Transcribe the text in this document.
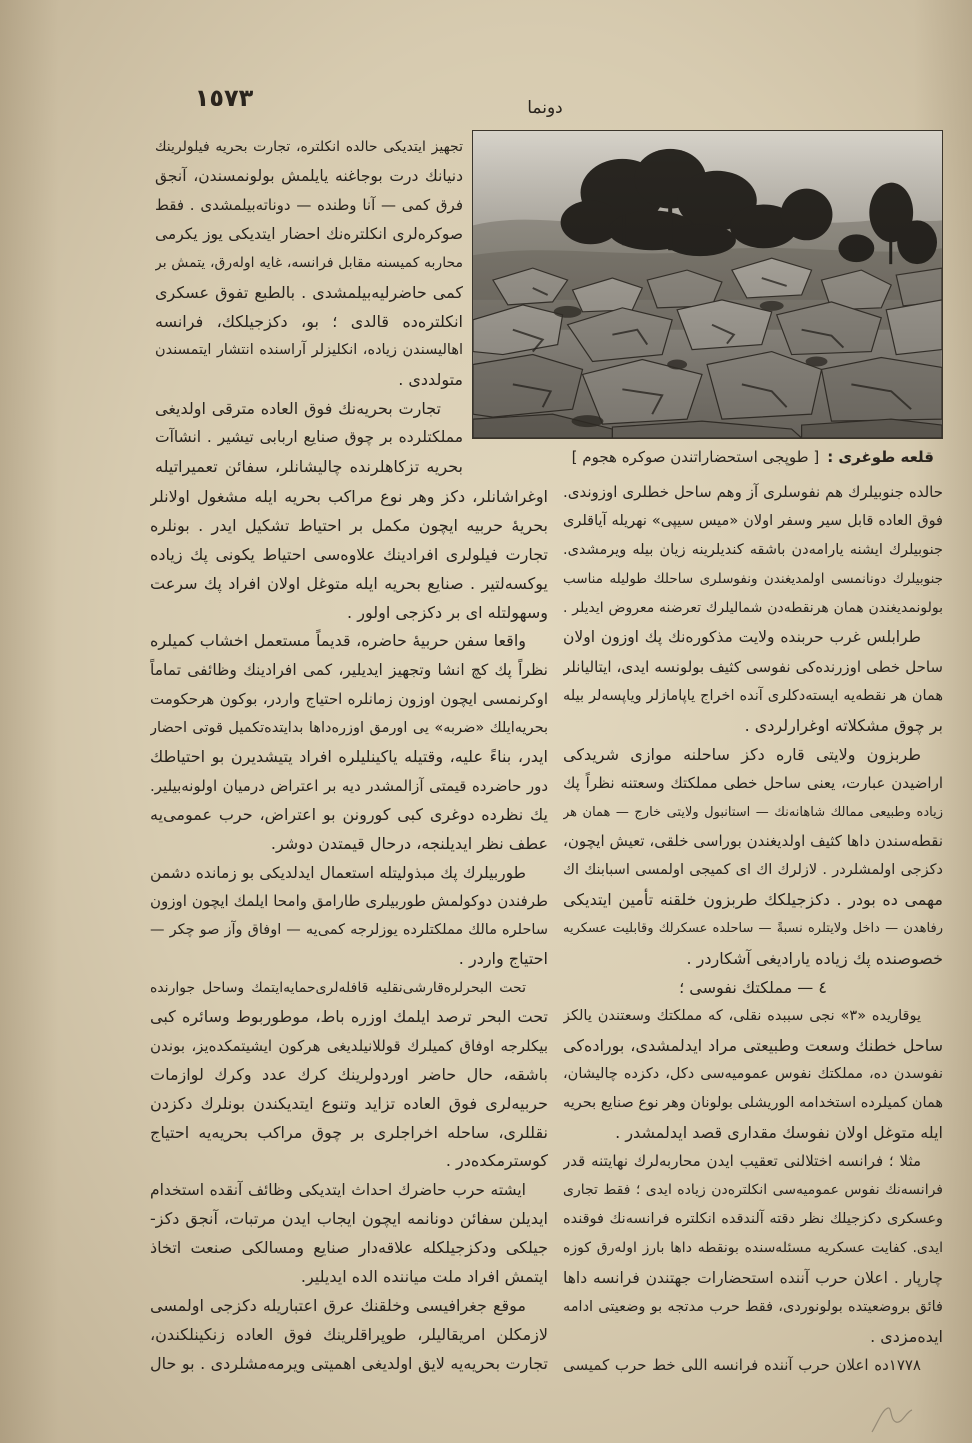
١٥٧٣	دونما
قلعه طوغری :[ طوپجی استحضاراتندن صوکره هجوم ]
تجهیز ایتدیکی حالده انکلتره، تجارت بحریه فیلولرینك
دنیانك درت بوجاغنه یایلمش بولونمسندن، آنجق
فرق کمی — آنا وطنده — دوناته‌بیلمشدی . فقط
صوکره‌لری انکلتره‌نك احضار ایتدیکی یوز یکرمی
محاربه کمیسنه مقابل فرانسه، غایه اوله‌رق، یتمش بر
کمی حاضرلیه‌بیلمشدی . بالطبع تفوق عسکری
انکلتره‌ده قالدی ؛ بو، دکزجیلکك، فرانسه
اهالیسندن زیاده، انکلیزلر آراسنده انتشار ایتمسندن
متولددی .
تجارت بحریه‌نك فوق العاده مترقی اولدیغی
مملکتلرده بر چوق صنایع اربابی تیشیر . انشاآت
بحریه تزکاهلرنده چالیشانلر، سفائن تعمیراتیله
اوغراشانلر، دکز وهر نوع مراکب بحریه ایله مشغول اولانلر
بحریهٔ حربیه ایچون مکمل بر احتیاط تشکیل ایدر . بونلره
تجارت فیلولری افرادینك علاوه‌سی احتیاط یکونی پك زیاده
یوکسه‌لتیر . صنایع بحریه ایله متوغل اولان افراد پك سرعت
وسهولتله ای بر دکزجی اولور .
واقعا سفن حربیهٔ حاضره، قدیماً مستعمل اخشاب کمیلره
نظراً پك کچ انشا وتجهیز ایدیلیر، کمی افرادینك وظائفی تماماً
اوکرنمسی ایچون اوزون زمانلره احتیاج واردر، بوکون هرحکومت
بحریه‌ایلك «ضربه» یی اورمق اوزره‌داها بدایتده‌تکمیل قوتی احضار
ایدر، بناءً علیه، وقتیله یاکینلیلره افراد یتیشدیرن بو احتیاطك
دور حاضرده قیمتی آزالمشدر دیه بر اعتراض درمیان اولونه‌بیلیر.
یك نظرده دوغری کبی کورونن بو اعتراض، حرب عمومی‌یه
عطف نظر ایدیلنجه، درحال قیمتدن دوشر.
طوربیلرك پك مبذولیتله استعمال ایدلدیکی بو زمانده دشمن
طرفندن دوکولمش طوربیلری طارامق وامحا ایلمك ایچون اوزون
ساحلره مالك مملکتلرده یوزلرجه کمی‌یه — اوفاق وآز صو چکر —
احتیاج واردر .
تحت البحرلره‌قارشی‌نقلیه قافله‌لری‌حمایه‌ایتمك وساحل جوارنده
تحت البحر ترصد ایلمك اوزره باط، موطوربوط وسائره کبی
بیکلرجه اوفاق کمیلرك قوللانیلدیغی هرکون ایشیتمکده‌یز، بوندن
باشقه، حال حاضر اوردولرینك کرك عدد وکرك لوازمات
حربیه‌لری فوق العاده تزاید وتنوع ایتدیکندن بونلرك دکزدن
نقللری، ساحله اخراجلری بر چوق مراکب بحریه‌یه احتیاج
کوسترمکده‌در .
ایشته حرب حاضرك احداث ایتدیکی وظائف آنقده استخدام
ایدیلن سفائن دونانمه ایچون ایجاب ایدن مرتبات، آنجق دکز-
جیلکی ودکزجیلکله علاقه‌دار صنایع ومسالکی صنعت اتخاذ
ایتمش افراد ملت میاننده الده ایدیلیر.
موقع جغرافیسی وخلقنك عرق اعتباریله دکزجی اولمسی
لازمکلن امریقالیلر، طوپراقلرینك فوق العاده زنکینلکندن،
تجارت بحریه‌یه لایق اولدیغی اهمیتی ویرمه‌مشلردی . بو حال
حالده جنوبیلرك هم نفوسلری آز وهم ساحل خطلری اوزوندی.
فوق العاده قابل سیر وسفر اولان «میس سیپی» نهریله آیاقلری
جنوبیلرك ایشنه یارامه‌دن باشقه کندیلرینه زیان بیله ویرمشدی.
جنوبیلرك دونانمسی اولمدیغندن ونفوسلری ساحلك طولیله مناسب
بولونمدیغندن همان هرنقطه‌دن شمالیلرك تعرضنه معروض ایدیلر .
طرابلس غرب حربنده ولایت مذکوره‌نك پك اوزون اولان
ساحل خطی اوزرنده‌کی نفوسی کثیف بولونسه ایدی، ایتالیانلر
همان هر نقطه‌یه ایسته‌دکلری آنده اخراج یاپامازلر ویاپسه‌لر بیله
بر چوق مشکلاته اوغرارلردی .
طربزون ولایتی قاره دکز ساحلنه موازی شریدکی
اراضیدن عبارت، یعنی ساحل خطی مملکتك وسعتنه نظراً پك
زیاده وطبیعی ممالك شاهانه‌نك — استانبول ولایتی خارج — همان هر
نقطه‌سندن داها کثیف اولدیغندن بوراسی خلقی، تعیش ایچون،
دکزجی اولمشلردر . لازلرك اك ای کمیجی اولمسی اسبابنك اك
مهمی ده بودر . دکزجیلکك طربزون خلقنه تأمین ایتدیکی
رفاهدن — داخل ولایتلره نسبةً — ساحلده عسکرلك وقابلیت عسکریه
خصوصنده پك زیاده یارادیغی آشکاردر .
٤ — مملکتك نفوسی ؛
یوقاریده «۳» نجی سببده نقلی، که مملکتك وسعتندن یالکز
ساحل خطنك وسعت وطبیعتی مراد ایدلمشدی، بوراده‌کی
نفوسدن ده، مملکتك نفوس عمومیه‌سی دکل، دکزده چالیشان،
همان کمیلرده استخدامه الوریشلی بولونان وهر نوع صنایع بحریه
ایله متوغل اولان نفوسك مقداری قصد ایدلمشدر .
مثلا ؛ فرانسه اختلالنی تعقیب ایدن محاربه‌لرك نهایتنه قدر
فرانسه‌نك نفوس عمومیه‌سی انکلتره‌دن زیاده ایدی ؛ فقط تجاری
وعسکری دکزجیلك نظر دقته آلندقده انکلتره فرانسه‌نك فوقنده
ایدی. کفایت عسکریه مسئله‌سنده بونقطه داها بارز اوله‌رق کوزه
چارپار . اعلان حرب آننده استحضارات جهتندن فرانسه داها
فائق بروضعیتده بولونوردی، فقط حرب مدتجه بو وضعیتی ادامه
ایده‌مزدی .
١٧٧٨ده اعلان حرب آننده فرانسه اللی خط حرب کمیسی
